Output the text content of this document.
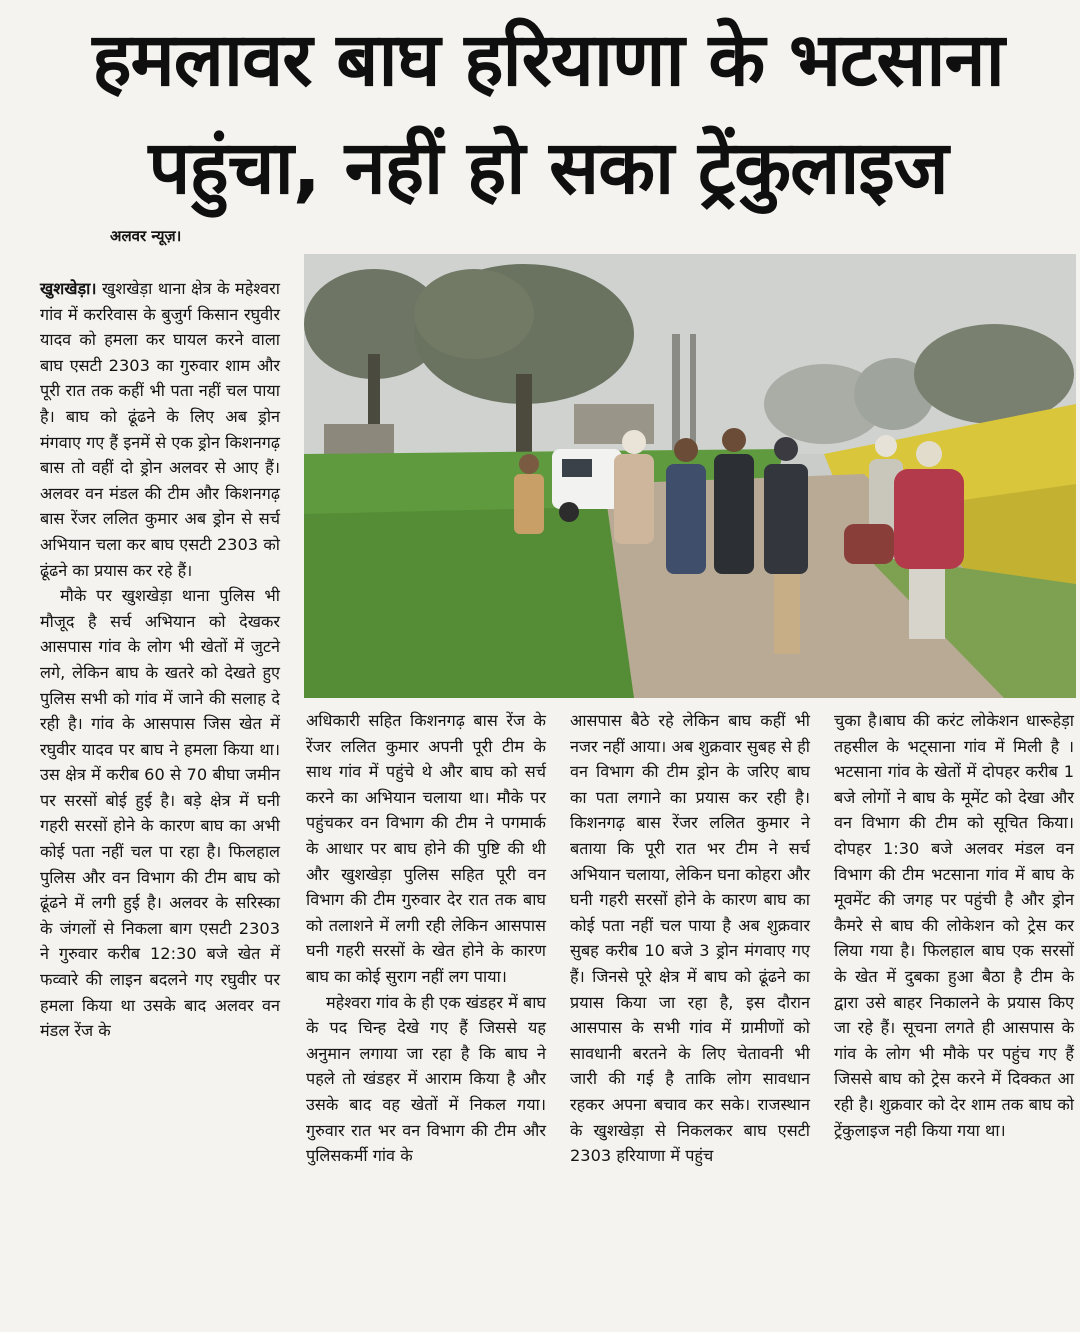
हमलावर बाघ हरियाणा के भटसाना
पहुंचा, नहीं हो सका ट्रेंकुलाइज
अलवर न्यूज़।

खुशखेड़ा। खुशखेड़ा थाना क्षेत्र के महेश्वरा गांव में कररिवास के बुजुर्ग किसान रघुवीर यादव को हमला कर घायल करने वाला बाघ एसटी 2303 का गुरुवार शाम और पूरी रात तक कहीं भी पता नहीं चल पाया है। बाघ को ढूंढने के लिए अब ड्रोन मंगवाए गए हैं इनमें से एक ड्रोन किशनगढ़ बास तो वहीं दो ड्रोन अलवर से आए हैं। अलवर वन मंडल की टीम और किशनगढ़ बास रेंजर ललित कुमार अब ड्रोन से सर्च अभियान चला कर बाघ एसटी 2303 को ढूंढने का प्रयास कर रहे हैं।

मौके पर खुशखेड़ा थाना पुलिस भी मौजूद है सर्च अभियान को देखकर आसपास गांव के लोग भी खेतों में जुटने लगे, लेकिन बाघ के खतरे को देखते हुए पुलिस सभी को गांव में जाने की सलाह दे रही है। गांव के आसपास जिस खेत में रघुवीर यादव पर बाघ ने हमला किया था। उस क्षेत्र में करीब 60 से 70 बीघा जमीन पर सरसों बोई हुई है। बड़े क्षेत्र में घनी गहरी सरसों होने के कारण बाघ का अभी कोई पता नहीं चल पा रहा है। फिलहाल पुलिस और वन विभाग की टीम बाघ को ढूंढने में लगी हुई है। अलवर के सरिस्का के जंगलों से निकला बाग एसटी 2303 ने गुरुवार करीब 12:30 बजे खेत में फव्वारे की लाइन बदलने गए रघुवीर पर हमला किया था उसके बाद अलवर वन मंडल रेंज के

अधिकारी सहित किशनगढ़ बास रेंज के रेंजर ललित कुमार अपनी पूरी टीम के साथ गांव में पहुंचे थे और बाघ को सर्च करने का अभियान चलाया था। मौके पर पहुंचकर वन विभाग की टीम ने पगमार्क के आधार पर बाघ होने की पुष्टि की थी और खुशखेड़ा पुलिस सहित पूरी वन विभाग की टीम गुरुवार देर रात तक बाघ को तलाशने में लगी रही लेकिन आसपास घनी गहरी सरसों के खेत होने के कारण बाघ का कोई सुराग नहीं लग पाया।

महेश्वरा गांव के ही एक खंडहर में बाघ के पद चिन्ह देखे गए हैं जिससे यह अनुमान लगाया जा रहा है कि बाघ ने पहले तो खंडहर में आराम किया है और उसके बाद वह खेतों में निकल गया। गुरुवार रात भर वन विभाग की टीम और पुलिसकर्मी गांव के

आसपास बैठे रहे लेकिन बाघ कहीं भी नजर नहीं आया। अब शुक्रवार सुबह से ही वन विभाग की टीम ड्रोन के जरिए बाघ का पता लगाने का प्रयास कर रही है। किशनगढ़ बास रेंजर ललित कुमार ने बताया कि पूरी रात भर टीम ने सर्च अभियान चलाया, लेकिन घना कोहरा और घनी गहरी सरसों होने के कारण बाघ का कोई पता नहीं चल पाया है अब शुक्रवार सुबह करीब 10 बजे 3 ड्रोन मंगवाए गए हैं। जिनसे पूरे क्षेत्र में बाघ को ढूंढने का प्रयास किया जा रहा है, इस दौरान आसपास के सभी गांव में ग्रामीणों को सावधानी बरतने के लिए चेतावनी भी जारी की गई है ताकि लोग सावधान रहकर अपना बचाव कर सके। राजस्थान के खुशखेड़ा से निकलकर बाघ एसटी 2303 हरियाणा में पहुंच

चुका है।बाघ की करंट लोकेशन धारूहेड़ा तहसील के भट्साना गांव में मिली है । भटसाना गांव के खेतों में दोपहर करीब 1 बजे लोगों ने बाघ के मूमेंट को देखा और वन विभाग की टीम को सूचित किया। दोपहर 1:30 बजे अलवर मंडल वन विभाग की टीम भटसाना गांव में बाघ के मूवमेंट की जगह पर पहुंची है और ड्रोन कैमरे से बाघ की लोकेशन को ट्रेस कर लिया गया है। फिलहाल बाघ एक सरसों के खेत में दुबका हुआ बैठा है टीम के द्वारा उसे बाहर निकालने के प्रयास किए जा रहे हैं। सूचना लगते ही आसपास के गांव के लोग भी मौके पर पहुंच गए हैं जिससे बाघ को ट्रेस करने में दिक्कत आ रही है। शुक्रवार को देर शाम तक बाघ को ट्रेंकुलाइज नही किया गया था।
